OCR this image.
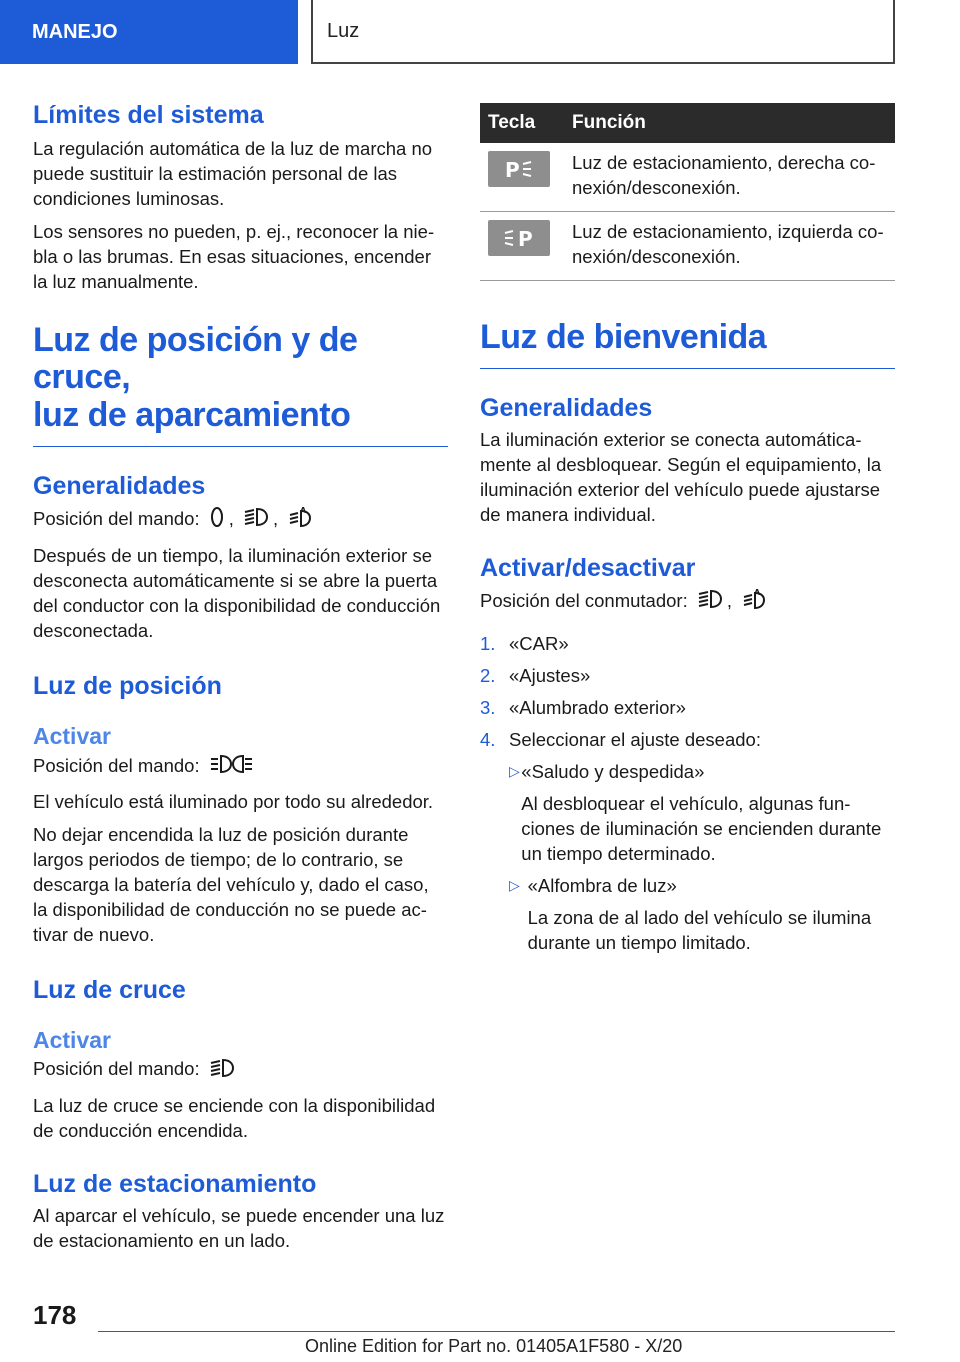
MANEJO	Luz
Límites del sistema

La regulación automática de la luz de marcha no puede sustituir la estimación personal de las condiciones luminosas.

Los sensores no pueden, p. ej., reconocer la niebla o las brumas. En esas situaciones, encender la luz manualmente.

Luz de posición y de cruce,
luz de aparcamiento
Generalidades

Posición del mando: , ,	A

Después de un tiempo, la iluminación exterior se desconecta automáticamente si se abre la puerta del conductor con la disponibilidad de conducción desconectada.

Luz de posición
Activar

Posición del mando:

El vehículo está iluminado por todo su alrededor.

No dejar encendida la luz de posición durante largos periodos de tiempo; de lo contrario, se descarga la batería del vehículo y, dado el caso, la disponibilidad de conducción no se puede activar de nuevo.

Luz de cruce
Activar

Posición del mando:

La luz de cruce se enciende con la disponibilidad de conducción encendida.

Luz de estacionamiento

Al aparcar el vehículo, se puede encender una luz de estacionamiento en un lado.

Tecla	Función

P	Luz de estacionamiento, derecha conexión/desconexión.

P	Luz de estacionamiento, izquierda conexión/desconexión.
Luz de bienvenida
Generalidades

La iluminación exterior se conecta automáticamente al desbloquear. Según el equipamiento, la iluminación exterior del vehículo puede ajustarse de manera individual.

Activar/desactivar

Posición del conmutador: ,	A

1. «CAR»
2. «Ajustes»
3. «Alumbrado exterior»
4. Seleccionar el ajuste deseado:
▷ «Saludo y despedida»

Al desbloquear el vehículo, algunas funciones de iluminación se encienden durante un tiempo determinado.

▷ «Alfombra de luz»

La zona de al lado del vehículo se ilumina durante un tiempo limitado.

178
Online Edition for Part no. 01405A1F580 - X/20
